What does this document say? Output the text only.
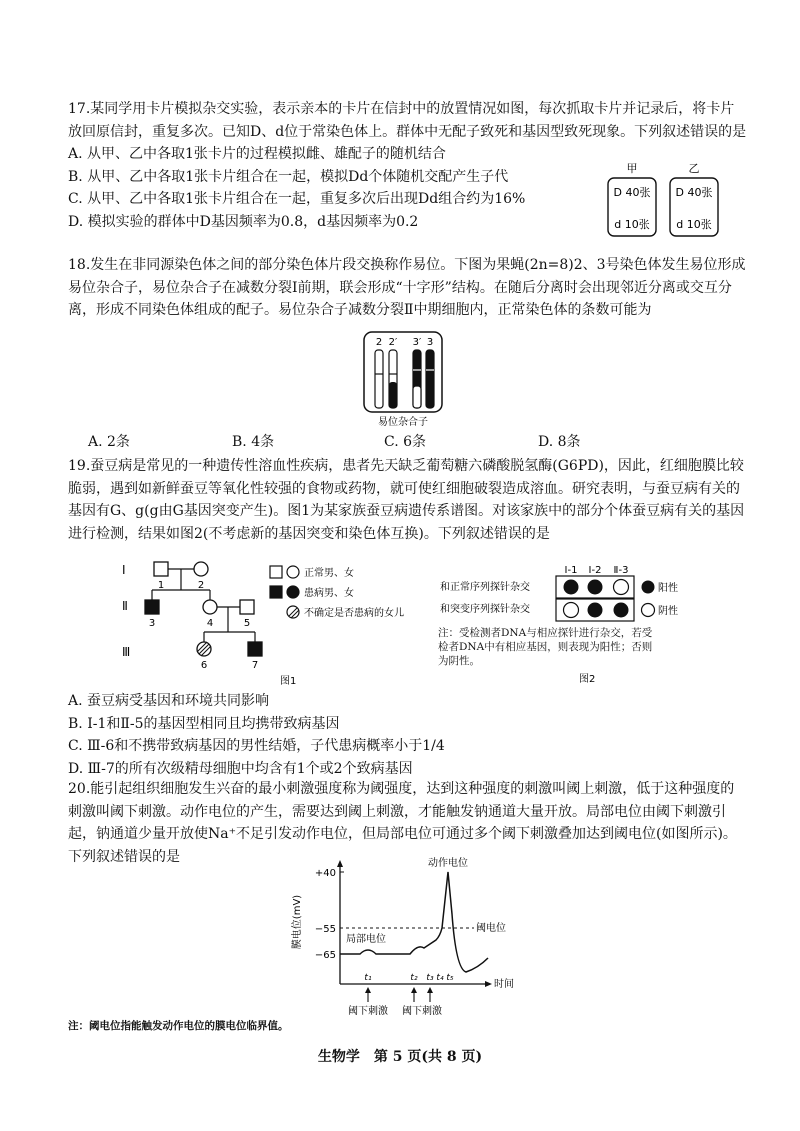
17.某同学用卡片模拟杂交实验，表示亲本的卡片在信封中的放置情况如图，每次抓取卡片并记录后，将卡片放回原信封，重复多次。已知D、d位于常染色体上。群体中无配子致死和基因型致死现象。下列叙述错误的是

A. 从甲、乙中各取1张卡片的过程模拟雌、雄配子的随机结合
B. 从甲、乙中各取1张卡片组合在一起，模拟Dd个体随机交配产生子代
C. 从甲、乙中各取1张卡片组合在一起，重复多次后出现Dd组合约为16%
D. 模拟实验的群体中D基因频率为0.8，d基因频率为0.2
甲	乙
D 40张
d 10张
D 40张
d 10张

18.发生在非同源染色体之间的部分染色体片段交换称作易位。下图为果蝇(2n=8)2、3号染色体发生易位形成易位杂合子，易位杂合子在减数分裂Ⅰ前期，联会形成“十字形”结构。在随后分离时会出现邻近分离或交互分离，形成不同染色体组成的配子。易位杂合子减数分裂Ⅱ中期细胞内，正常染色体的条数可能为

2 2′ 3′ 3
易位杂合子
A. 2条	B. 4条	C. 6条	D. 8条

19.蚕豆病是常见的一种遗传性溶血性疾病，患者先天缺乏葡萄糖六磷酸脱氢酶(G6PD)，因此，红细胞膜比较脆弱，遇到如新鲜蚕豆等氧化性较强的食物或药物，就可使红细胞破裂造成溶血。研究表明，与蚕豆病有关的基因有G、g(g由G基因突变产生)。图1为某家族蚕豆病遗传系谱图。对该家族中的部分个体蚕豆病有关的基因进行检测，结果如图2(不考虑新的基因突变和染色体互换)。下列叙述错误的是

Ⅰ
Ⅱ
Ⅲ
1	2
3	4	5
6	7
正常男、女
患病男、女
不确定是否患病的女儿
图1
Ⅰ-1 Ⅰ-2 Ⅱ-3
和正常序列探针杂交
和突变序列探针杂交
阳性
阴性
图2
注：受检测者DNA与相应探针进行杂交，若受检者DNA中有相应基因，则表现为阳性；否则为阴性。
A. 蚕豆病受基因和环境共同影响
B. Ⅰ-1和Ⅱ-5的基因型相同且均携带致病基因
C. Ⅲ-6和不携带致病基因的男性结婚，子代患病概率小于1/4
D. Ⅲ-7的所有次级精母细胞中均含有1个或2个致病基因

20.能引起组织细胞发生兴奋的最小刺激强度称为阈强度，达到这种强度的刺激叫阈上刺激，低于这种强度的刺激叫阈下刺激。动作电位的产生，需要达到阈上刺激，才能触发钠通道大量开放。局部电位由阈下刺激引起，钠通道少量开放使Na⁺不足引发动作电位，但局部电位可通过多个阈下刺激叠加达到阈电位(如图所示)。下列叙述错误的是

膜电位(mV)
时间
+40
−55
−65
阈电位
动作电位
局部电位
t₁	t₂ t₃ t₄ t₅
阈下刺激 阈下刺激
注：阈电位指能触发动作电位的膜电位临界值。
生物学　第 5 页(共 8 页)
